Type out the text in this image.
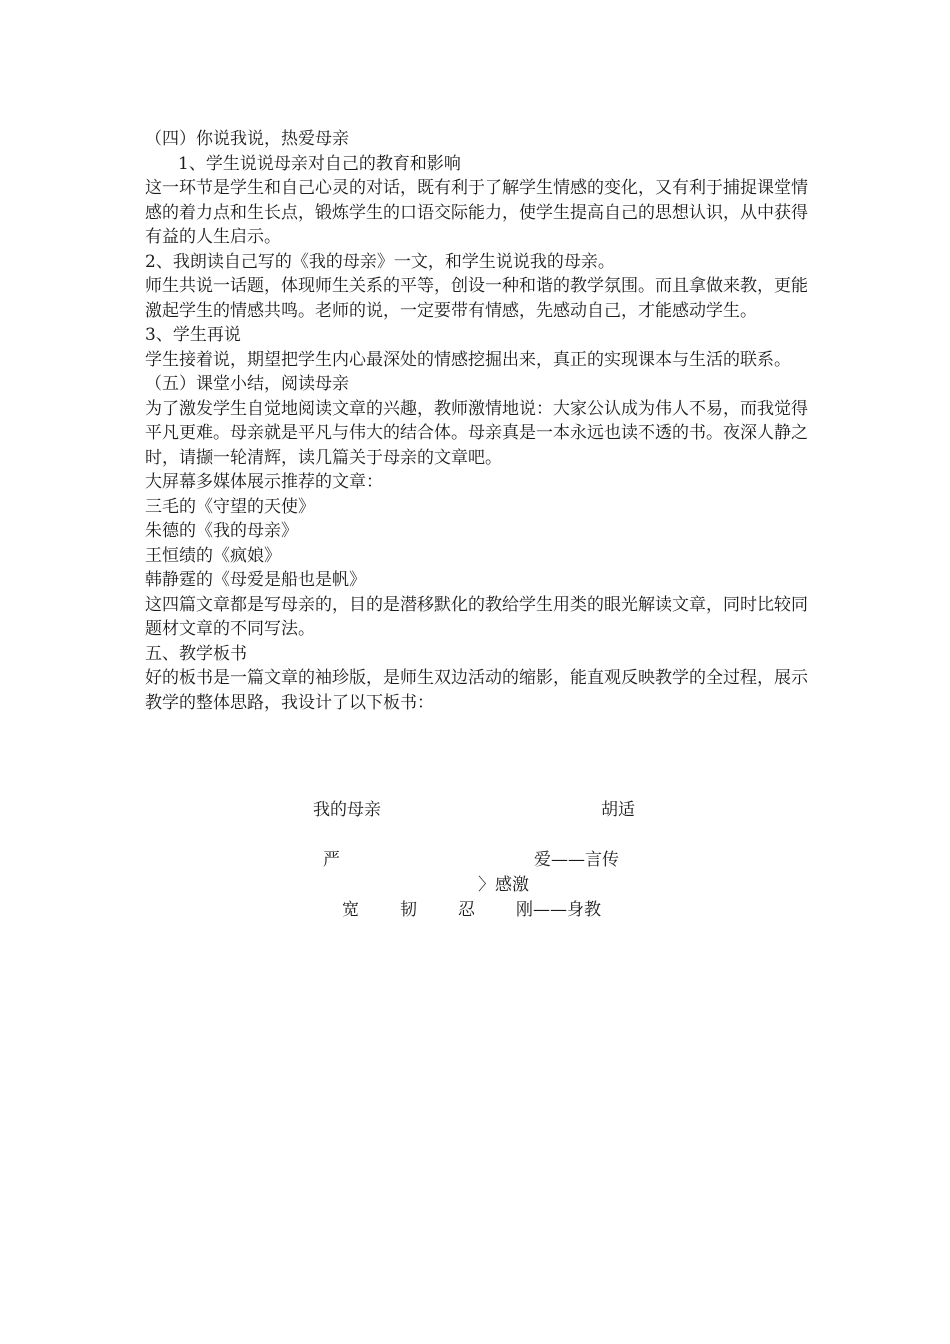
（四）你说我说，热爱母亲

1、学生说说母亲对自己的教育和影响

这一环节是学生和自己心灵的对话，既有利于了解学生情感的变化，又有利于捕捉课堂情感的着力点和生长点，锻炼学生的口语交际能力，使学生提高自己的思想认识，从中获得有益的人生启示。

2、我朗读自己写的《我的母亲》一文，和学生说说我的母亲。

师生共说一话题，体现师生关系的平等，创设一种和谐的教学氛围。而且拿做来教，更能激起学生的情感共鸣。老师的说，一定要带有情感，先感动自己，才能感动学生。

3、学生再说

学生接着说，期望把学生内心最深处的情感挖掘出来，真正的实现课本与生活的联系。

（五）课堂小结，阅读母亲

为了激发学生自觉地阅读文章的兴趣，教师激情地说：大家公认成为伟人不易，而我觉得平凡更难。母亲就是平凡与伟大的结合体。母亲真是一本永远也读不透的书。夜深人静之时，请撷一轮清辉，读几篇关于母亲的文章吧。

大屏幕多媒体展示推荐的文章：

三毛的《守望的天使》

朱德的《我的母亲》

王恒绩的《疯娘》

韩静霆的《母爱是船也是帆》

这四篇文章都是写母亲的，目的是潜移默化的教给学生用类的眼光解读文章，同时比较同题材文章的不同写法。

五、教学板书

好的板书是一篇文章的袖珍版，是师生双边活动的缩影，能直观反映教学的全过程，展示教学的整体思路，我设计了以下板书：

我的母亲	胡适
严	爱——言传
〉感激
宽 韧 忍 刚——身教
